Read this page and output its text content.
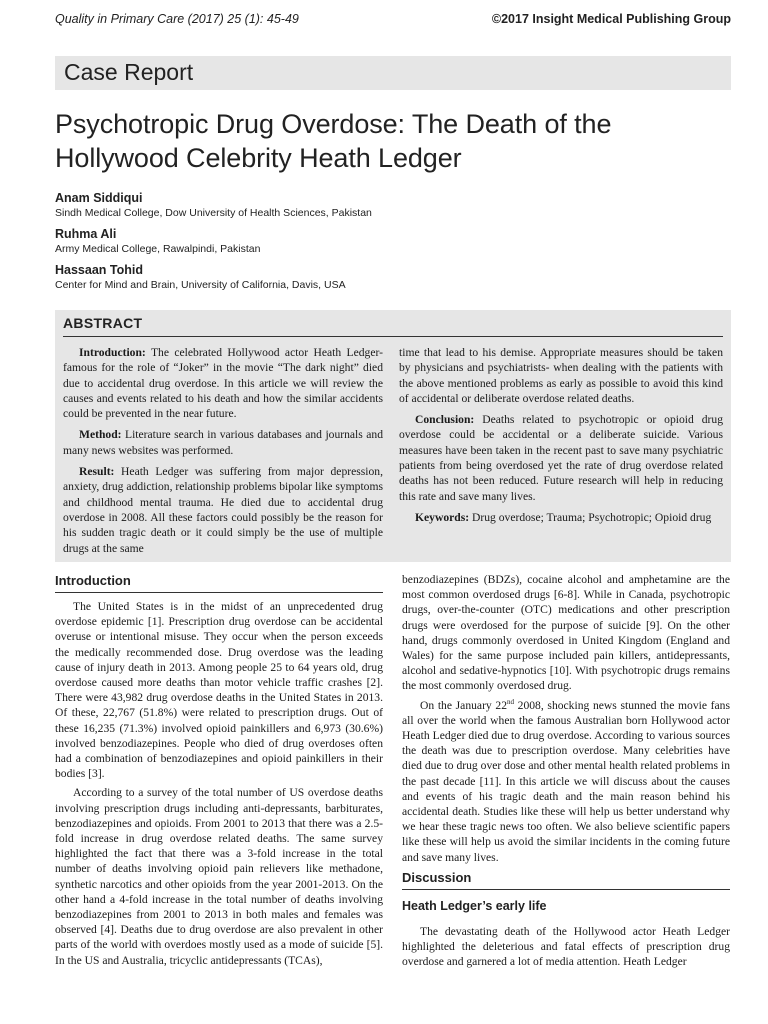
Quality in Primary Care (2017) 25 (1): 45-49	©2017 Insight Medical Publishing Group
Case Report
Psychotropic Drug Overdose: The Death of the Hollywood Celebrity Heath Ledger
Anam Siddiqui
Sindh Medical College, Dow University of Health Sciences, Pakistan
Ruhma Ali
Army Medical College, Rawalpindi, Pakistan
Hassaan Tohid
Center for Mind and Brain, University of California, Davis, USA
ABSTRACT

Introduction: The celebrated Hollywood actor Heath Ledger- famous for the role of “Joker” in the movie “The dark night” died due to accidental drug overdose. In this article we will review the causes and events related to his death and how the similar accidents could be prevented in the near future.

Method: Literature search in various databases and journals and many news websites was performed.

Result: Heath Ledger was suffering from major depression, anxiety, drug addiction, relationship problems bipolar like symptoms and childhood mental trauma. He died due to accidental drug overdose in 2008. All these factors could possibly be the reason for his sudden tragic death or it could simply be the use of multiple drugs at the same

time that lead to his demise. Appropriate measures should be taken by physicians and psychiatrists- when dealing with the patients with the above mentioned problems as early as possible to avoid this kind of accidental or deliberate overdose related deaths.

Conclusion: Deaths related to psychotropic or opioid drug overdose could be accidental or a deliberate suicide. Various measures have been taken in the recent past to save many psychiatric patients from being overdosed yet the rate of drug overdose related deaths has not been reduced. Future research will help in reducing this rate and save many lives.

Keywords: Drug overdose; Trauma; Psychotropic; Opioid drug

Introduction

The United States is in the midst of an unprecedented drug overdose epidemic [1]. Prescription drug overdose can be accidental overuse or intentional misuse. They occur when the person exceeds the medically recommended dose. Drug overdose was the leading cause of injury death in 2013. Among people 25 to 64 years old, drug overdose caused more deaths than motor vehicle traffic crashes [2]. There were 43,982 drug overdose deaths in the United States in 2013. Of these, 22,767 (51.8%) were related to prescription drugs. Out of these 16,235 (71.3%) involved opioid painkillers and 6,973 (30.6%) involved benzodiazepines. People who died of drug overdoses often had a combination of benzodiazepines and opioid painkillers in their bodies [3].

According to a survey of the total number of US overdose deaths involving prescription drugs including anti-depressants, barbiturates, benzodiazepines and opioids. From 2001 to 2013 that there was a 2.5-fold increase in drug overdose related deaths. The same survey highlighted the fact that there was a 3-fold increase in the total number of deaths involving opioid pain relievers like methadone, synthetic narcotics and other opioids from the year 2001-2013. On the other hand a 4-fold increase in the total number of deaths involving benzodiazepines from 2001 to 2013 in both males and females was observed [4]. Deaths due to drug overdose are also prevalent in other parts of the world with overdoes mostly used as a mode of suicide [5]. In the US and Australia, tricyclic antidepressants (TCAs),

benzodiazepines (BDZs), cocaine alcohol and amphetamine are the most common overdosed drugs [6-8]. While in Canada, psychotropic drugs, over-the-counter (OTC) medications and other prescription drugs were overdosed for the purpose of suicide [9]. On the other hand, drugs commonly overdosed in United Kingdom (England and Wales) for the same purpose included pain killers, antidepressants, alcohol and sedative-hypnotics [10]. With psychotropic drugs remains the most commonly overdosed drug.

On the January 22nd 2008, shocking news stunned the movie fans all over the world when the famous Australian born Hollywood actor Heath Ledger died due to drug overdose. According to various sources the death was due to prescription overdose. Many celebrities have died due to drug over dose and other mental health related problems in the past decade [11]. In this article we will discuss about the causes and events of his tragic death and the main reason behind his accidental death. Studies like these will help us better understand why we hear these tragic news too often. We also believe scientific papers like these will help us avoid the similar incidents in the coming future and save many lives.

Discussion
Heath Ledger’s early life

The devastating death of the Hollywood actor Heath Ledger highlighted the deleterious and fatal effects of prescription drug overdose and garnered a lot of media attention. Heath Ledger
